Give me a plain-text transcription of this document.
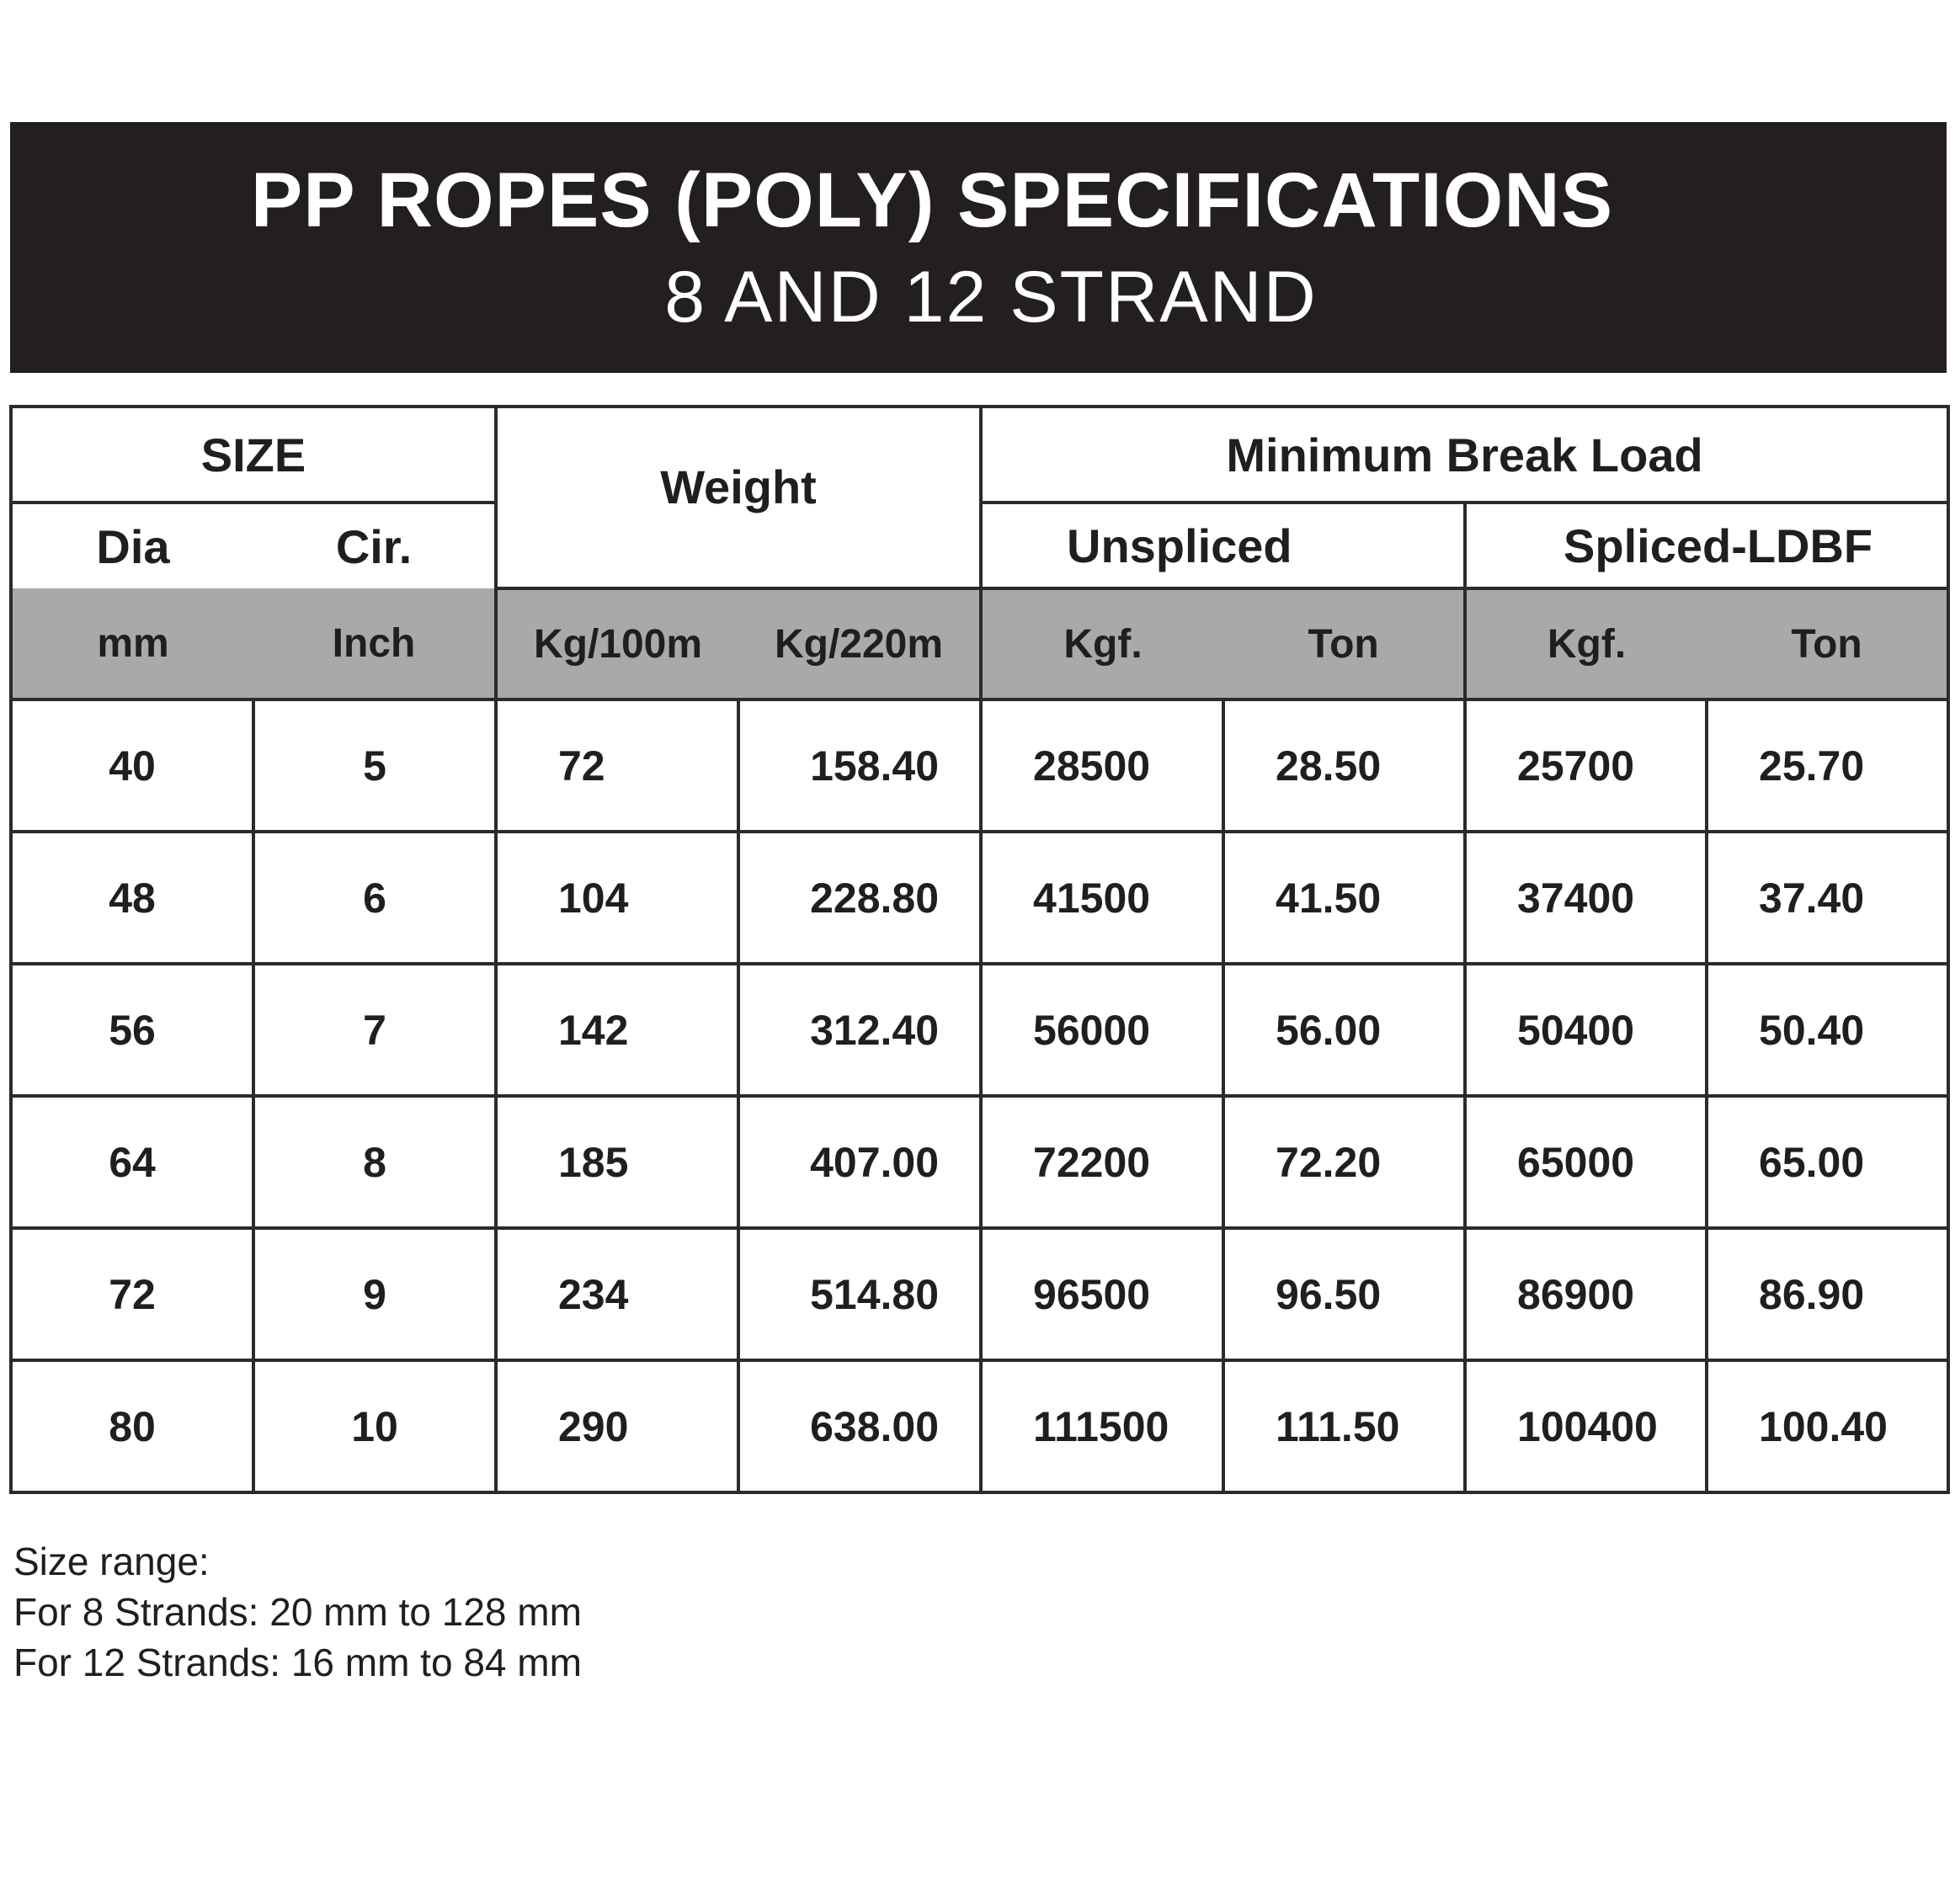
PP ROPES (POLY) SPECIFICATIONS
8 AND 12 STRAND
SIZE		Weight		Minimum Break Load			
Dia	Cir.			Unspliced		Spliced-LDBF	
mm	Inch	Kg/100m	Kg/220m	Kgf.	Ton	Kgf.	Ton
40	5	72	158.40	28500	28.50	25700	25.70
48	6	104	228.80	41500	41.50	37400	37.40
56	7	142	312.40	56000	56.00	50400	50.40
64	8	185	407.00	72200	72.20	65000	65.00
72	9	234	514.80	96500	96.50	86900	86.90
80	10	290	638.00	111500	111.50	100400	100.40
Size range:
For 8 Strands: 20 mm to 128 mm
For 12 Strands: 16 mm to 84 mm
